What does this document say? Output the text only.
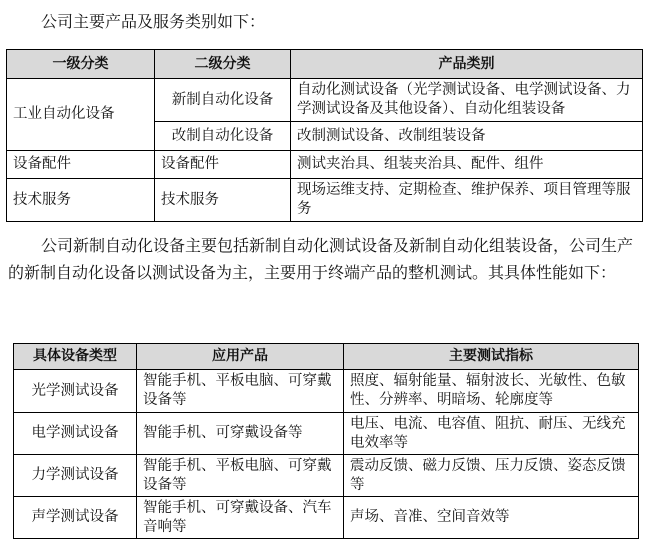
公司主要产品及服务类别如下：

一级分类	二级分类	产品类别
工业自动化设备	新制自动化设备	自动化测试设备（光学测试设备、电学测试设备、力学测试设备及其他设备）、自动化组装设备
	改制自动化设备	改制测试设备、改制组装设备
设备配件	设备配件	测试夹治具、组装夹治具、配件、组件
技术服务	技术服务	现场运维支持、定期检查、维护保养、项目管理等服务

公司新制自动化设备主要包括新制自动化测试设备及新制自动化组装设备，公司生产的新制自动化设备以测试设备为主，主要用于终端产品的整机测试。其具体性能如下：

具体设备类型	应用产品	主要测试指标
光学测试设备	智能手机、平板电脑、可穿戴设备等	照度、辐射能量、辐射波长、光敏性、色敏性、分辨率、明暗场、轮廓度等
电学测试设备	智能手机、可穿戴设备等	电压、电流、电容值、阻抗、耐压、无线充电效率等
力学测试设备	智能手机、平板电脑、可穿戴设备等	震动反馈、磁力反馈、压力反馈、姿态反馈等
声学测试设备	智能手机、可穿戴设备、汽车音响等	声场、音准、空间音效等
